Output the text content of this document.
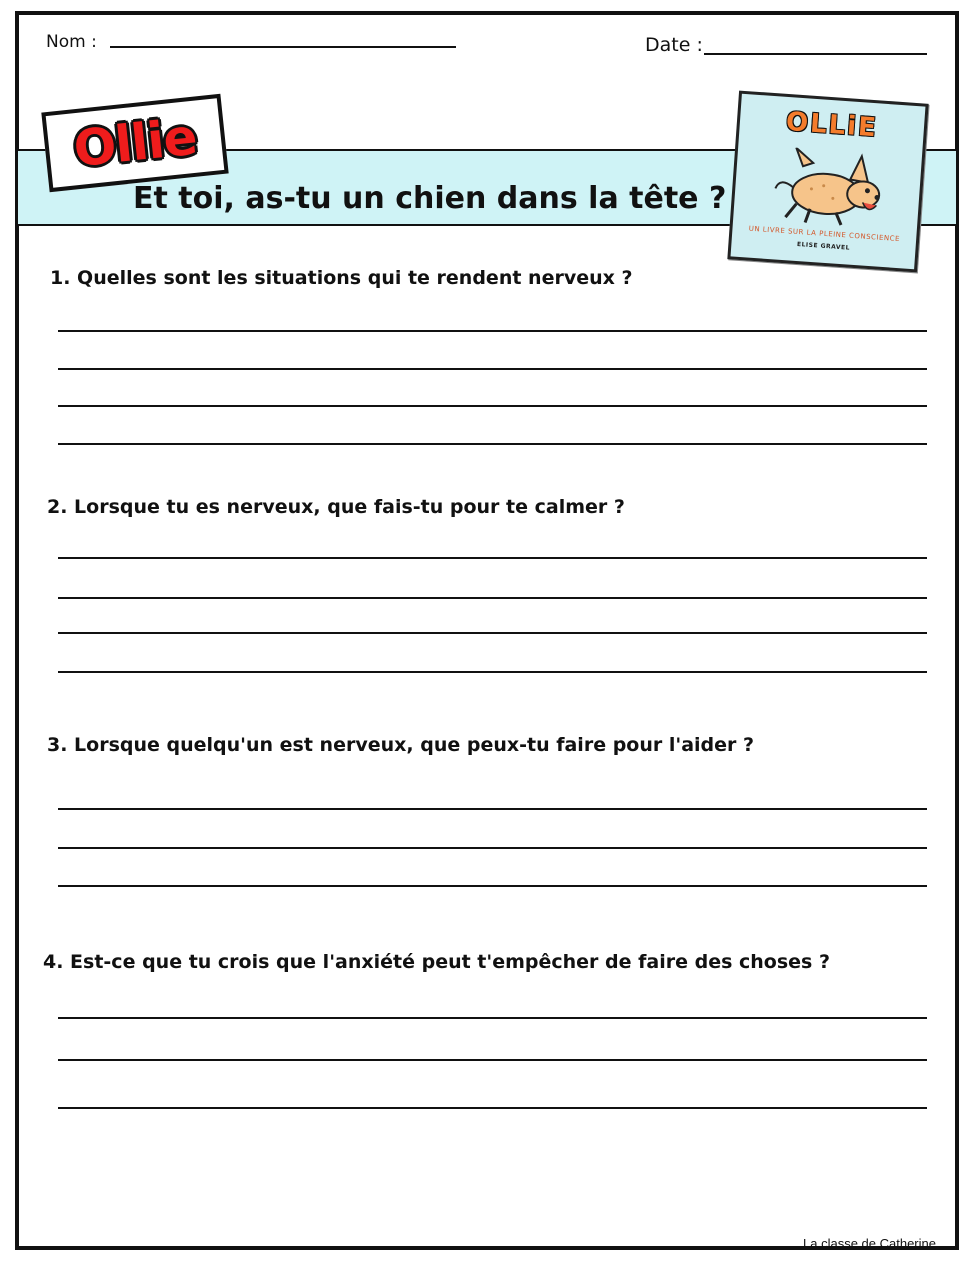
Nom :	Date :
Ollie
Et toi, as-tu un chien dans la tête ?
OLLiE
UN LIVRE SUR LA PLEINE CONSCIENCE
ELISE GRAVEL
1. Quelles sont les situations qui te rendent nerveux ?
2. Lorsque tu es nerveux, que fais-tu pour te calmer ?
3. Lorsque quelqu'un est nerveux, que peux-tu faire pour l'aider ?
4. Est-ce que tu crois que l'anxiété peut t'empêcher de faire des choses ?
La classe de Catherine
